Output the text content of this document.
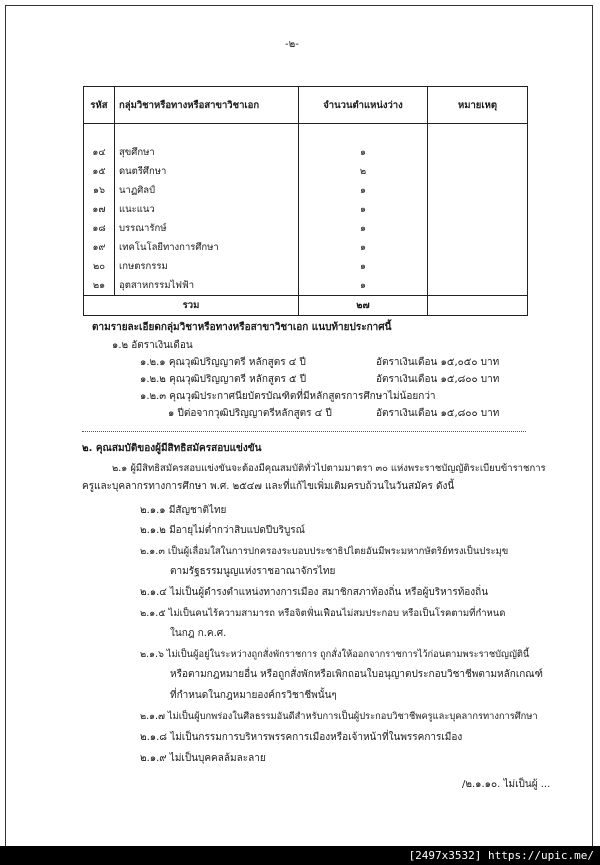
-๒-
รหัส	กลุ่มวิชาหรือทางหรือสาขาวิชาเอก	จำนวนตำแหน่งว่าง	หมายเหตุ

๑๔	สุขศึกษา	๑	
๑๕	ดนตรีศึกษา	๒	
๑๖	นาฏศิลป์	๑	
๑๗	แนะแนว	๑	
๑๘	บรรณารักษ์	๑	
๑๙	เทคโนโลยีทางการศึกษา	๑	
๒๐	เกษตรกรรม	๑	
๒๑	อุตสาหกรรมไฟฟ้า	๑	
รวม		๒๗	
ตามรายละเอียดกลุ่มวิชาหรือทางหรือสาขาวิชาเอก แนบท้ายประกาศนี้
๑.๒ อัตราเงินเดือน
๑.๒.๑ คุณวุฒิปริญญาตรี หลักสูตร ๔ ปี	อัตราเงินเดือน ๑๕,๐๕๐ บาท
๑.๒.๒ คุณวุฒิปริญญาตรี หลักสูตร ๕ ปี	อัตราเงินเดือน ๑๕,๘๐๐ บาท
๑.๒.๓ คุณวุฒิประกาศนียบัตรบัณฑิตที่มีหลักสูตรการศึกษาไม่น้อยกว่า
๑ ปีต่อจากวุฒิปริญญาตรีหลักสูตร ๔ ปี	อัตราเงินเดือน ๑๕,๘๐๐ บาท
๒. คุณสมบัติของผู้มีสิทธิสมัครสอบแข่งขัน
๒.๑ ผู้มีสิทธิสมัครสอบแข่งขันจะต้องมีคุณสมบัติทั่วไปตามมาตรา ๓๐ แห่งพระราชบัญญัติระเบียบข้าราชการ
ครูและบุคลากรทางการศึกษา พ.ศ. ๒๕๔๗ และที่แก้ไขเพิ่มเติมครบถ้วนในวันสมัคร ดังนี้
๒.๑.๑ มีสัญชาติไทย
๒.๑.๒ มีอายุไม่ต่ำกว่าสิบแปดปีบริบูรณ์
๒.๑.๓ เป็นผู้เลื่อมใสในการปกครองระบอบประชาธิปไตยอันมีพระมหากษัตริย์ทรงเป็นประมุข
ตามรัฐธรรมนูญแห่งราชอาณาจักรไทย
๒.๑.๔ ไม่เป็นผู้ดำรงตำแหน่งทางการเมือง สมาชิกสภาท้องถิ่น หรือผู้บริหารท้องถิ่น
๒.๑.๕ ไม่เป็นคนไร้ความสามารถ หรือจิตฟั่นเฟือนไม่สมประกอบ หรือเป็นโรคตามที่กำหนด
ในกฎ ก.ค.ศ.
๒.๑.๖ ไม่เป็นผู้อยู่ในระหว่างถูกสั่งพักราชการ ถูกสั่งให้ออกจากราชการไว้ก่อนตามพระราชบัญญัตินี้
หรือตามกฎหมายอื่น หรือถูกสั่งพักหรือเพิกถอนใบอนุญาตประกอบวิชาชีพตามหลักเกณฑ์
ที่กำหนดในกฎหมายองค์กรวิชาชีพนั้นๆ
๒.๑.๗ ไม่เป็นผู้บกพร่องในศีลธรรมอันดีสำหรับการเป็นผู้ประกอบวิชาชีพครูและบุคลากรทางการศึกษา
๒.๑.๘ ไม่เป็นกรรมการบริหารพรรคการเมืองหรือเจ้าหน้าที่ในพรรคการเมือง
๒.๑.๙ ไม่เป็นบุคคลล้มละลาย
/๒.๑.๑๐. ไม่เป็นผู้ ...
[2497x3532] https://upic.me/
